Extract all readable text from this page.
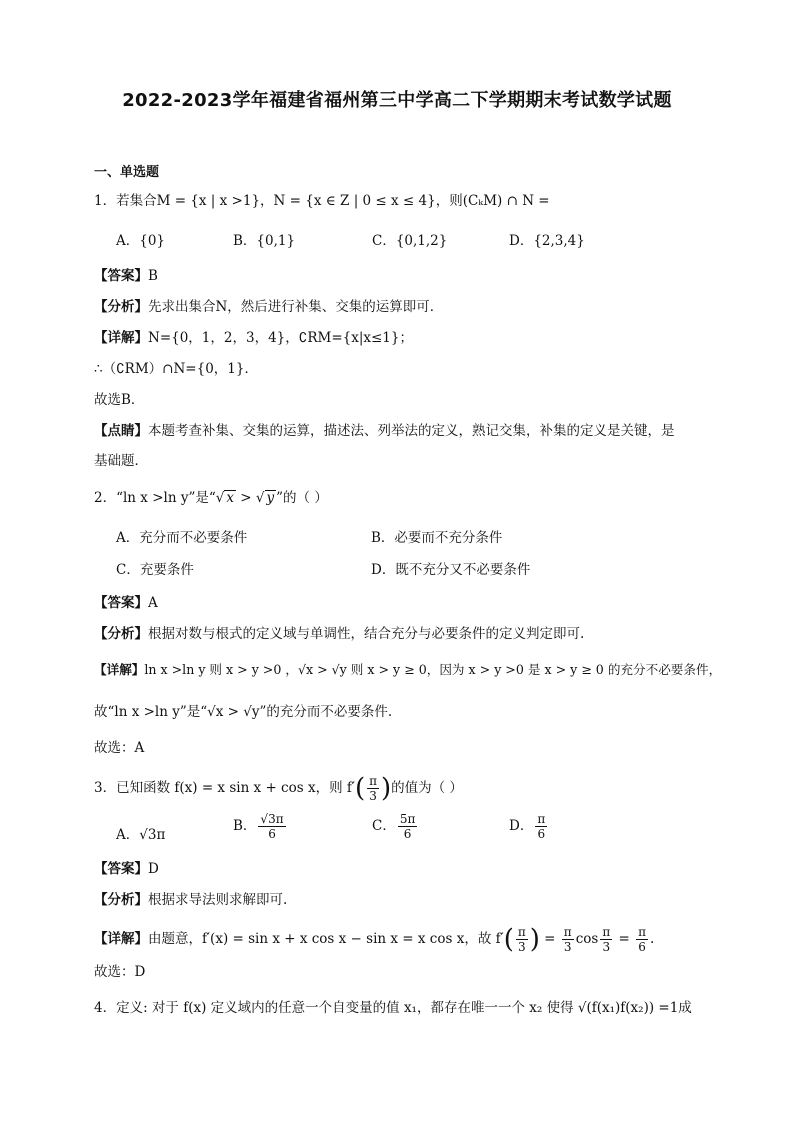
2022-2023学年福建省福州第三中学高二下学期期末考试数学试题
一、单选题
1．若集合M = {x | x >1}，N = {x ∈ Z | 0 ≤ x ≤ 4}，则(CₖM) ∩ N =
A．{0}	B．{0,1}	C．{0,1,2}	D．{2,3,4}
【答案】B
【分析】先求出集合N，然后进行补集、交集的运算即可．
【详解】N={0，1，2，3，4}，∁RM={x|x≤1}；
∴（∁RM）∩N={0，1}．
故选B．
【点睛】本题考查补集、交集的运算，描述法、列举法的定义，熟记交集，补集的定义是关键，是
基础题．
2．“ln x >ln y”是“√ x > √ y ”的（ ）
A．充分而不必要条件	B．必要而不充分条件
C．充要条件	D．既不充分又不必要条件
【答案】A
【分析】根据对数与根式的定义域与单调性，结合充分与必要条件的定义判定即可.
【详解】ln x >ln y 则 x > y >0 ，√x > √y 则 x > y ≥ 0，因为 x > y >0 是 x > y ≥ 0 的充分不必要条件，
故“ln x >ln y”是“√x > √y”的充分而不必要条件.
故选：A
3．已知函数 f(x) = x sin x + cos x，则 $f'( \frac{\pi}{3}$ )的值为（ ）
A．√3π
B． $\frac{√3\pi}{6}$	C． $\frac{5\pi}{6}$	D． $\frac{\pi}{6}$
【答案】D
【分析】根据求导法则求解即可.
【详解】由题意，f′(x) = sin x + x cos x − sin x = x cos x，故 $f'( \frac{\pi}{3}$ ) = $\frac{\pi}{3}$ $\cos \frac{\pi}{3} = \frac{\pi}{6}$ .
故选：D
4．定义: 对于 f(x) 定义域内的任意一个自变量的值 x₁，都存在唯一一个 x₂ 使得 √(f(x₁)f(x₂)) =1成
